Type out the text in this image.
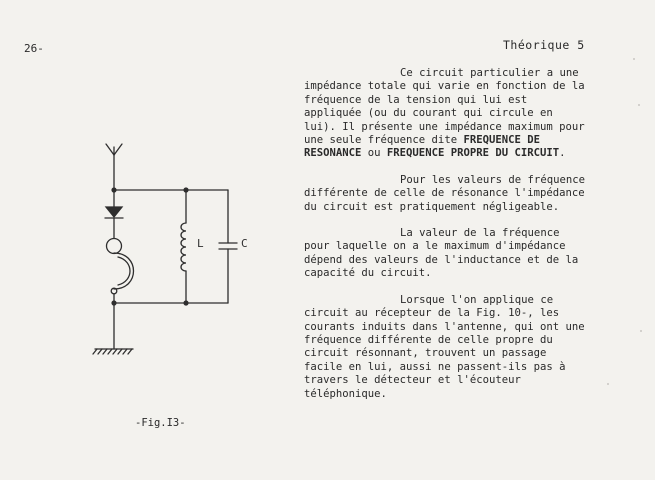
26-	Théorique 5
L	C
-Fig.I3-

Ce circuit particulier a une impédance totale qui varie en fonction de la fréquence de la tension qui lui est appliquée (ou du courant qui circule en lui). Il présente une impédance maximum pour une seule fréquence dite FREQUENCE DE RESONANCE ou FREQUENCE PROPRE DU CIRCUIT.

Pour les valeurs de fréquence différente de celle de résonance l'impédance du circuit est pratiquement négligeable.

La valeur de la fréquence pour laquelle on a le maximum d'impédance dépend des valeurs de l'inductance et de la capacité du circuit.

Lorsque l'on applique ce circuit au récepteur de la Fig. 10-, les courants induits dans l'antenne, qui ont une fréquence différente de celle propre du circuit résonnant, trouvent un passage facile en lui, aussi ne passent-ils pas à travers le détecteur et l'écouteur téléphonique.
